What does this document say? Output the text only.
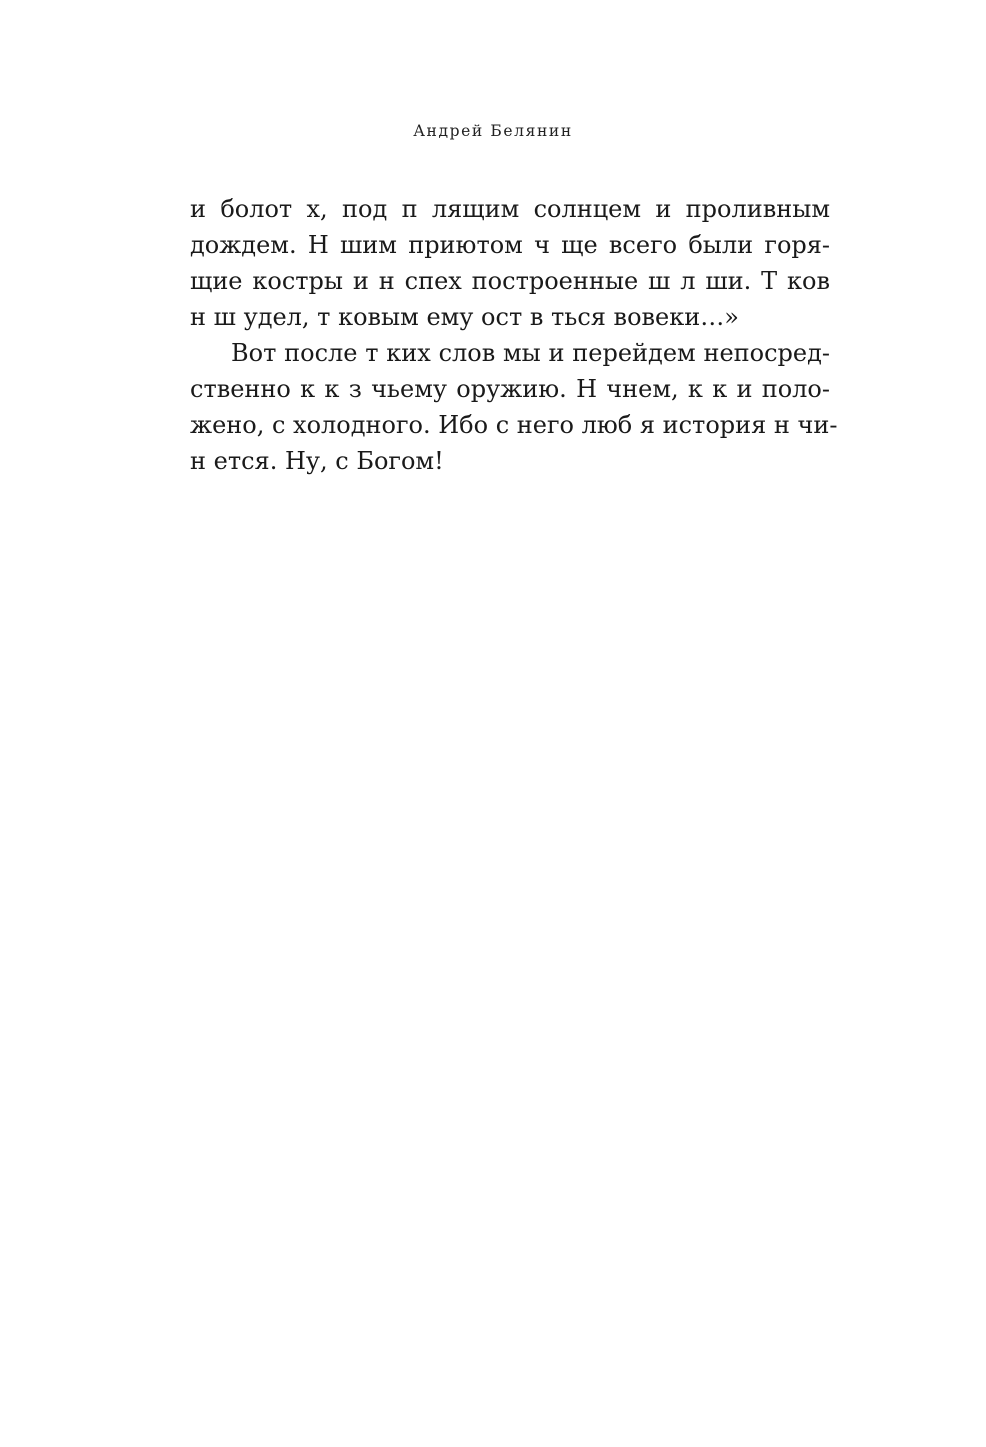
Андрей Белянин
и болот х, под п лящим солнцем и проливным
дождем. Н шим приютом ч ще всего были горя-
щие костры и н спех построенные ш л ши. Т ков
н ш удел, т ковым ему ост в ться вовеки…»
Вот после т ких слов мы и перейдем непосред-
ственно к к з чьему оружию. Н чнем, к к и поло-
жено, с холодного. Ибо с него люб я история н чи-
н ется. Ну, с Богом!
